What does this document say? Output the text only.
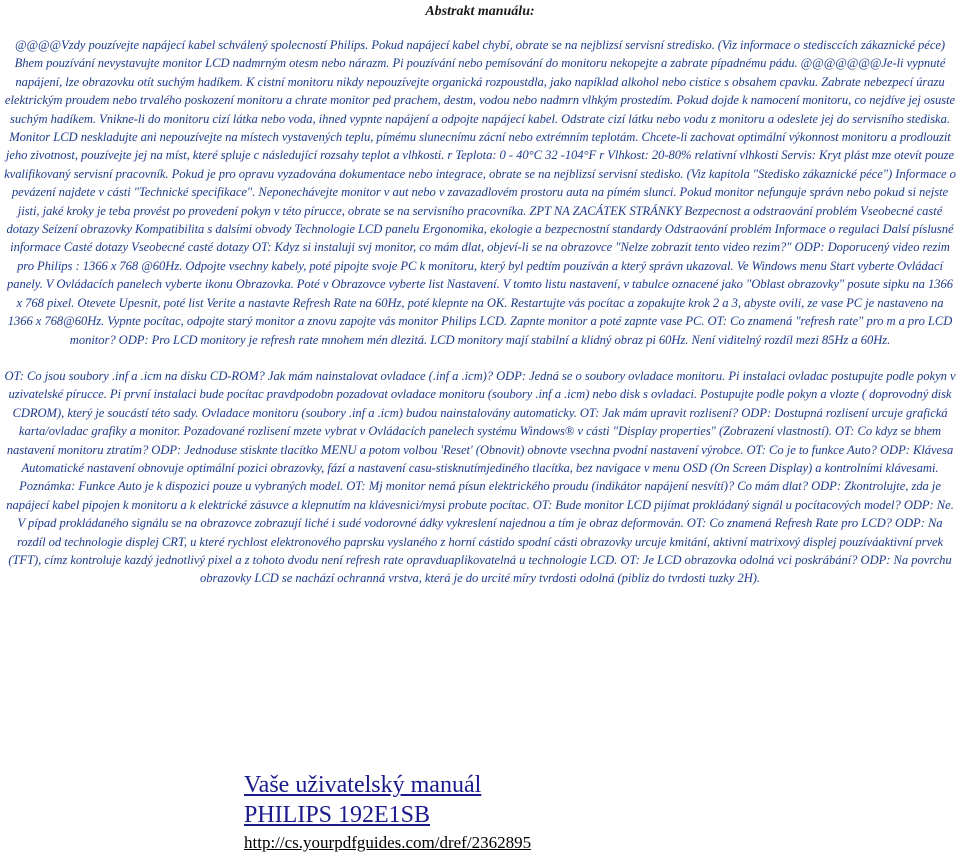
Abstrakt manuálu:

@@@@Vzdy pouzívejte napájecí kabel schválený spolecností Philips. Pokud napájecí kabel chybí, obrate se na nejblizsí servisní stredisko. (Viz informace o stedisccích zákaznické péce) Bhem pouzívání nevystavujte monitor LCD nadmrným otesm nebo nárazm. Pi pouzívání nebo pemísování do monitoru nekopejte a zabrate pípadnému pádu. @@@@@@@Je-li vypnuté napájení, lze obrazovku otít suchým hadíkem. K cistní monitoru nikdy nepouzívejte organická rozpoustdla, jako napíklad alkohol nebo cistice s obsahem cpavku. Zabrate nebezpecí úrazu elektrickým proudem nebo trvalého poskození monitoru a chrate monitor ped prachem, destm, vodou nebo nadmrn vlhkým prostedím. Pokud dojde k namocení monitoru, co nejdíve jej osuste suchým hadíkem. Vnikne-li do monitoru cizí látka nebo voda, ihned vypnte napájení a odpojte napájecí kabel. Odstrate cizí látku nebo vodu z monitoru a odeslete jej do servisního stediska. Monitor LCD neskladujte ani nepouzívejte na místech vystavených teplu, pímému slunecnímu zácní nebo extrémním teplotám. Chcete-li zachovat optimální výkonnost monitoru a prodlouzit jeho zivotnost, pouzívejte jej na míst, které spluje c následující rozsahy teplot a vlhkosti. r Teplota: 0 - 40°C 32 -104°F r Vlhkost: 20-80% relativní vlhkosti Servis: Kryt plást mze otevít pouze kvalifikovaný servisní pracovník. Pokud je pro opravu vyzadována dokumentace nebo integrace, obrate se na nejblizsí servisní stedisko. (Viz kapitola "Stedisko zákaznické péce") Informace o pevázení najdete v cásti "Technické specifikace". Neponechávejte monitor v aut nebo v zavazadlovém prostoru auta na pímém slunci. Pokud monitor nefunguje správn nebo pokud si nejste jisti, jaké kroky je teba provést po provedení pokyn v této pírucce, obrate se na servisního pracovníka. ZPT NA ZACÁTEK STRÁNKY Bezpecnost a odstraování problém Vseobecné casté dotazy Seízení obrazovky Kompatibilita s dalsími obvody Technologie LCD panelu Ergonomika, ekologie a bezpecnostní standardy Odstraování problém Informace o regulaci Dalsí píslusné informace Casté dotazy Vseobecné casté dotazy OT: Kdyz si instaluji svj monitor, co mám dlat, objeví-li se na obrazovce "Nelze zobrazit tento video rezim?" ODP: Doporucený video rezim pro Philips : 1366 x 768 @60Hz. Odpojte vsechny kabely, poté pipojte svoje PC k monitoru, který byl pedtím pouzíván a který správn ukazoval. Ve Windows menu Start vyberte Ovládací panely. V Ovládacích panelech vyberte ikonu Obrazovka. Poté v Obrazovce vyberte list Nastavení. V tomto listu nastavení, v tabulce oznacené jako "Oblast obrazovky" posute sipku na 1366 x 768 pixel. Otevete Upesnit, poté list Verite a nastavte Refresh Rate na 60Hz, poté klepnte na OK. Restartujte vás pocítac a zopakujte krok 2 a 3, abyste ovili, ze vase PC je nastaveno na 1366 x 768@60Hz. Vypnte pocítac, odpojte starý monitor a znovu zapojte vás monitor Philips LCD. Zapnte monitor a poté zapnte vase PC. OT: Co znamená "refresh rate" pro m a pro LCD monitor? ODP: Pro LCD monitory je refresh rate mnohem mén dlezitá. LCD monitory mají stabilní a klidný obraz pi 60Hz. Není viditelný rozdíl mezi 85Hz a 60Hz.

OT: Co jsou soubory .inf a .icm na disku CD-ROM? Jak mám nainstalovat ovladace (.inf a .icm)? ODP: Jedná se o soubory ovladace monitoru. Pi instalaci ovladac postupujte podle pokyn v uzivatelské pírucce. Pi první instalaci bude pocítac pravdpodobn pozadovat ovladace monitoru (soubory .inf a .icm) nebo disk s ovladaci. Postupujte podle pokyn a vlozte ( doprovodný disk CDROM), který je soucástí této sady. Ovladace monitoru (soubory .inf a .icm) budou nainstalovány automaticky. OT: Jak mám upravit rozlisení? ODP: Dostupná rozlisení urcuje grafická karta/ovladac grafiky a monitor. Pozadované rozlisení mzete vybrat v Ovládacích panelech systému Windows® v cásti "Display properties" (Zobrazení vlastností). OT: Co kdyz se bhem nastavení monitoru ztratím? ODP: Jednoduse stisknte tlacítko MENU a potom volbou 'Reset' (Obnovit) obnovte vsechna pvodní nastavení výrobce. OT: Co je to funkce Auto? ODP: Klávesa Automatické nastavení obnovuje optimální pozici obrazovky, fází a nastavení casu-stisknutímjediného tlacítka, bez navigace v menu OSD (On Screen Display) a kontrolními klávesami. Poznámka: Funkce Auto je k dispozici pouze u vybraných model. OT: Mj monitor nemá písun elektrického proudu (indikátor napájení nesvítí)? Co mám dlat? ODP: Zkontrolujte, zda je napájecí kabel pipojen k monitoru a k elektrické zásuvce a klepnutím na klávesnici/mysi probute pocítac. OT: Bude monitor LCD pijímat prokládaný signál u pocítacových model? ODP: Ne. V pípad prokládaného signálu se na obrazovce zobrazují liché i sudé vodorovné ádky vykreslení najednou a tím je obraz deformován. OT: Co znamená Refresh Rate pro LCD? ODP: Na rozdíl od technologie displej CRT, u které rychlost elektronového paprsku vyslaného z horní cástido spodní cásti obrazovky urcuje kmitání, aktivní matrixový displej pouzíváaktivní prvek (TFT), címz kontroluje kazdý jednotlivý pixel a z tohoto dvodu není refresh rate opravduaplikovatelná u technologie LCD. OT: Je LCD obrazovka odolná vci poskrábání? ODP: Na povrchu obrazovky LCD se nachází ochranná vrstva, která je do urcité míry tvrdosti odolná (pibliz do tvrdosti tuzky 2H).

Vaše uživatelský manuál
PHILIPS 192E1SB
http://cs.yourpdfguides.com/dref/2362895
